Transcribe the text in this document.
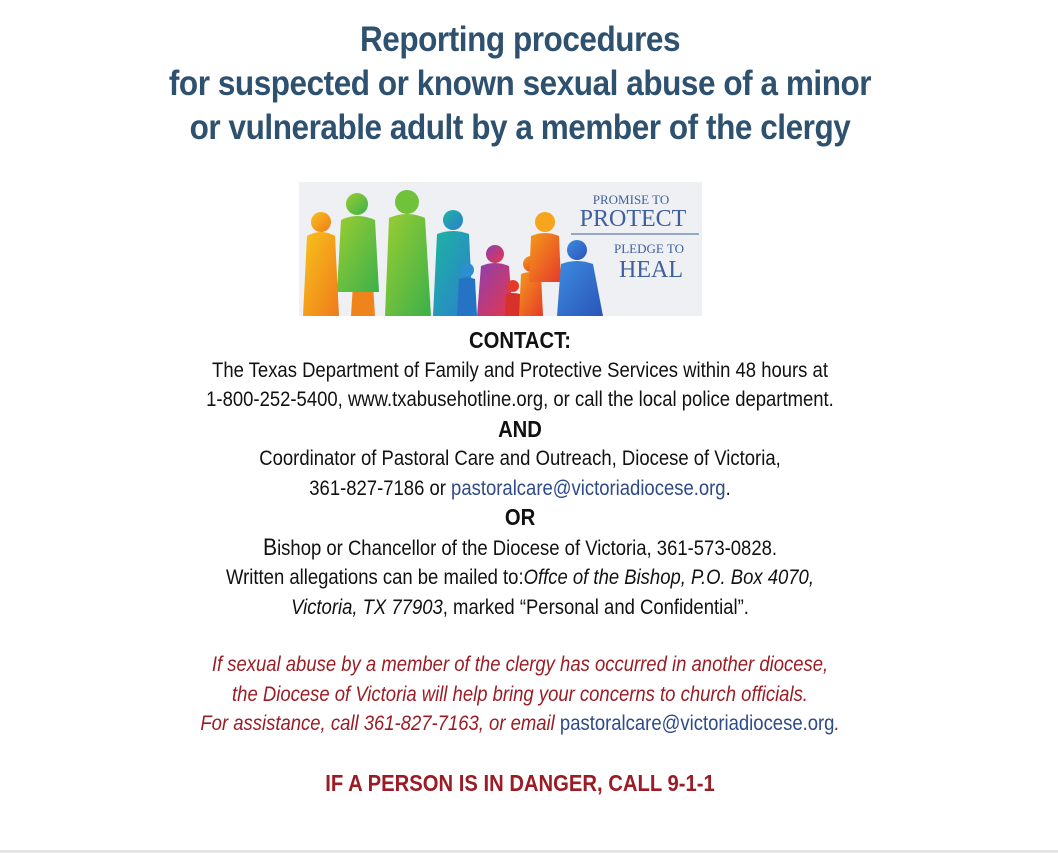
Reporting procedures
for suspected or known sexual abuse of a minor
or vulnerable adult by a member of the clergy
PROMISE TO
PROTECT
PLEDGE TO
HEAL
CONTACT:
The Texas Department of Family and Protective Services within 48 hours at
1-800-252-5400, www.txabusehotline.org, or call the local police department.
AND
Coordinator of Pastoral Care and Outreach, Diocese of Victoria,
361-827-7186 or pastoralcare@victoriadiocese.org.
OR
Bishop or Chancellor of the Diocese of Victoria, 361-573-0828.
Written allegations can be mailed to:Offce of the Bishop, P.O. Box 4070,
Victoria, TX 77903, marked “Personal and Confidential”.
If sexual abuse by a member of the clergy has occurred in another diocese,
the Diocese of Victoria will help bring your concerns to church officials.
For assistance, call 361-827-7163, or email pastoralcare@victoriadiocese.org.
IF A PERSON IS IN DANGER, CALL 9-1-1
